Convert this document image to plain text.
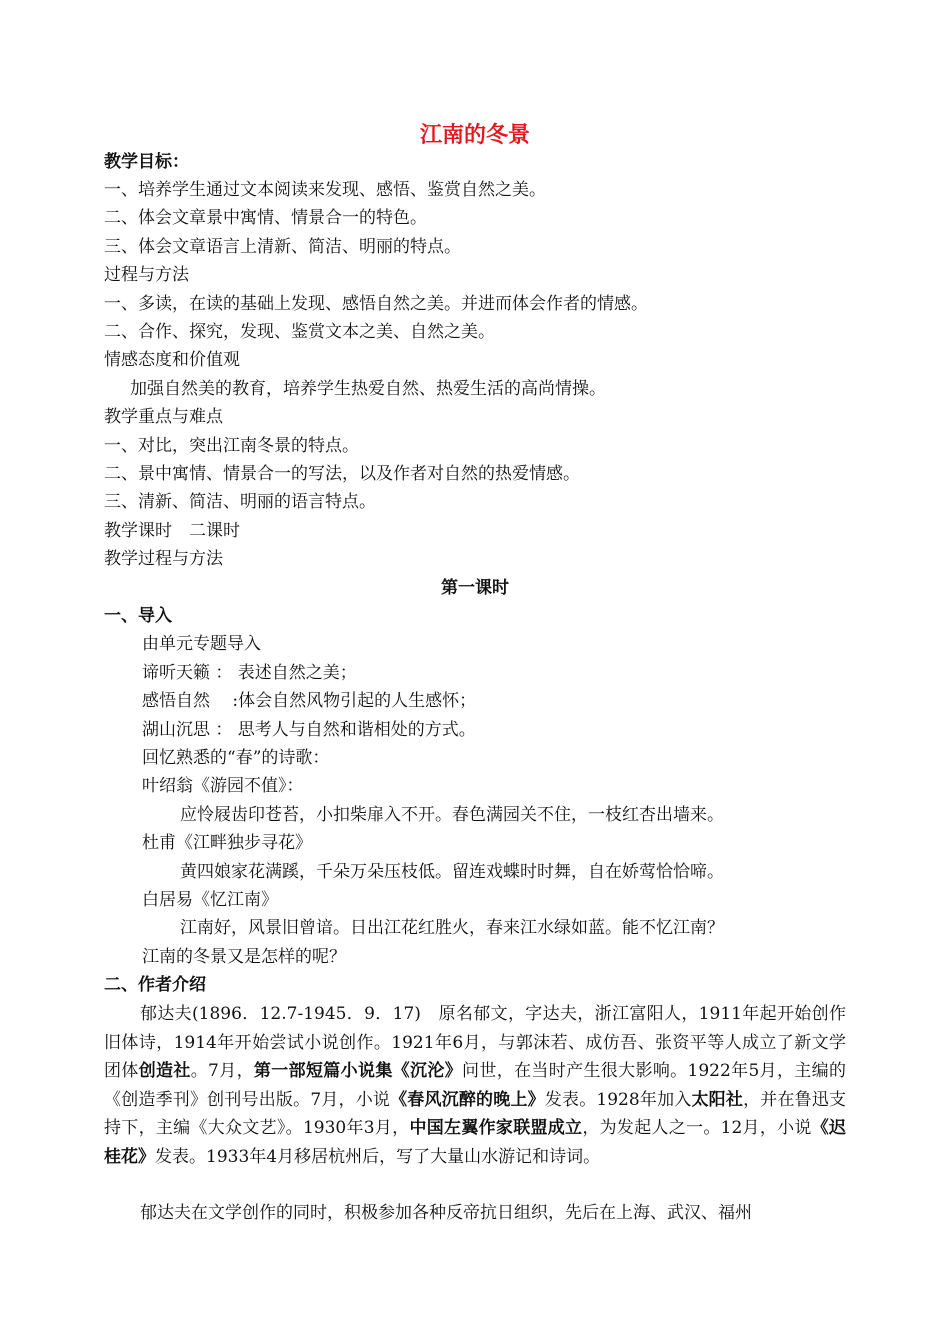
江南的冬景
教学目标：
一、培养学生通过文本阅读来发现、感悟、鉴赏自然之美。
二、体会文章景中寓情、情景合一的特色。
三、体会文章语言上清新、简洁、明丽的特点。
过程与方法
一、多读，在读的基础上发现、感悟自然之美。并进而体会作者的情感。
二、合作、探究，发现、鉴赏文本之美、自然之美。
情感态度和价值观
加强自然美的教育，培养学生热爱自然、热爱生活的高尚情操。
教学重点与难点
一、对比，突出江南冬景的特点。
二、景中寓情、情景合一的写法，以及作者对自然的热爱情感。
三、清新、简洁、明丽的语言特点。
教学课时　二课时
教学过程与方法
第一课时
一、导入
由单元专题导入
谛听天籁 ： 表述自然之美；
感悟自然　 :体会自然风物引起的人生感怀；
湖山沉思 ： 思考人与自然和谐相处的方式。
回忆熟悉的“春”的诗歌：
叶绍翁《游园不值》：
应怜屐齿印苍苔，小扣柴扉入不开。春色满园关不住，一枝红杏出墙来。
杜甫《江畔独步寻花》
黄四娘家花满蹊，千朵万朵压枝低。留连戏蝶时时舞，自在娇莺恰恰啼。
白居易《忆江南》
江南好，风景旧曾谙。日出江花红胜火，春来江水绿如蓝。能不忆江南？
江南的冬景又是怎样的呢？
二、作者介绍
郁达夫(1896．12.7-1945．9．17)　原名郁文，字达夫，浙江富阳人，1911年起开始创作旧体诗，1914年开始尝试小说创作。1921年6月，与郭沫若、成仿吾、张资平等人成立了新文学团体创造社。7月，第一部短篇小说集《沉沦》问世，在当时产生很大影响。1922年5月，主编的《创造季刊》创刊号出版。7月，小说《春风沉醉的晚上》发表。1928年加入太阳社，并在鲁迅支持下，主编《大众文艺》。1930年3月，中国左翼作家联盟成立，为发起人之一。12月，小说《迟桂花》发表。1933年4月移居杭州后，写了大量山水游记和诗词。
郁达夫在文学创作的同时，积极参加各种反帝抗日组织，先后在上海、武汉、福州
